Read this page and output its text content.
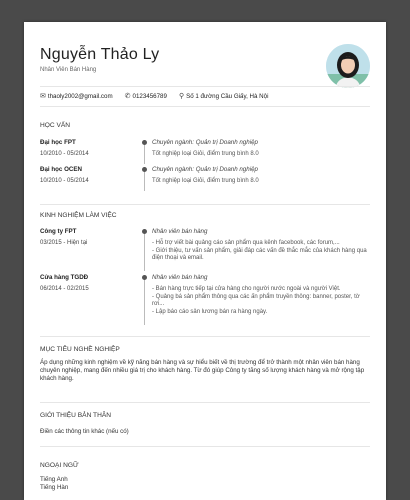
Nguyễn Thảo Ly
Nhân Viên Bán Hàng
✉ thaoly2002@gmail.com ✆ 0123456789 ⚲ Số 1 đường Cầu Giấy, Hà Nội
HỌC VẤN
Đại học FPT
10/2010 - 05/2014
Chuyên ngành: Quản trị Doanh nghiệp
Tốt nghiệp loại Giỏi, điểm trung bình 8.0
Đại học OCEN
10/2010 - 05/2014
Chuyên ngành: Quản trị Doanh nghiệp
Tốt nghiệp loại Giỏi, điểm trung bình 8.0
KINH NGHIỆM LÀM VIỆC
Công ty FPT
03/2015 - Hiện tại
Nhân viên bán hàng
- Hỗ trợ viết bài quảng cáo sản phẩm qua kênh facebook, các forum,...
- Giới thiệu, tư vấn sản phẩm, giải đáp các vấn đề thắc mắc của khách hàng qua điện thoại và email.
Cửa hàng TGDĐ
06/2014 - 02/2015
Nhân viên bán hàng
- Bán hàng trực tiếp tại cửa hàng cho người nước ngoài và người Việt.
- Quảng bá sản phẩm thông qua các ấn phẩm truyền thông: banner, poster, tờ rơi...
- Lập báo cáo sản lương bán ra hàng ngày.
MỤC TIÊU NGHỀ NGHIỆP
Áp dụng những kinh nghiệm về kỹ năng bán hàng và sự hiểu biết về thị trường để trở thành một nhân viên bán hàng chuyên nghiệp, mang đến nhiều giá trị cho khách hàng. Từ đó giúp Công ty tăng số lượng khách hàng và mở rộng tập khách hàng.
GIỚI THIỆU BẢN THÂN
Điền các thông tin khác (nếu có)
NGOẠI NGỮ
Tiếng Anh
Tiếng Hàn
